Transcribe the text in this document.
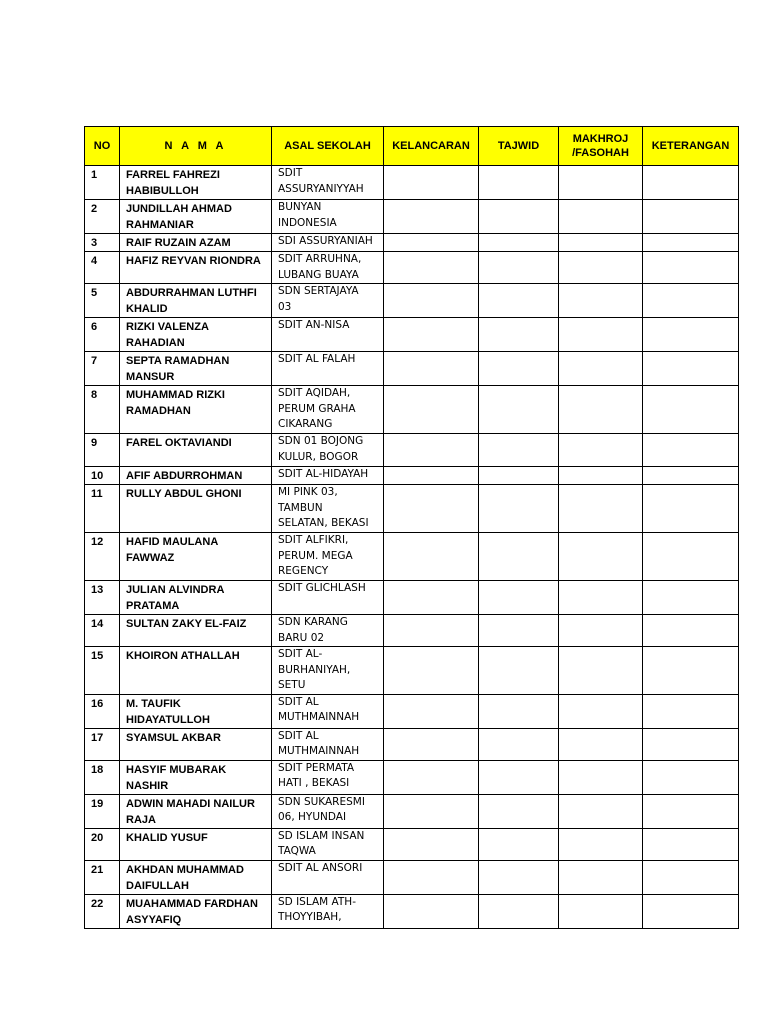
NO	N A M A	ASAL SEKOLAH	KELANCARAN	TAJWID	MAKHROJ
/FASOHAH	KETERANGAN
1	FARREL FAHREZI
HABIBULLOH	SDIT
ASSURYANIYYAH				
2	JUNDILLAH AHMAD
RAHMANIAR	BUNYAN
INDONESIA				
3	RAIF RUZAIN AZAM	SDI ASSURYANIAH				
4	HAFIZ REYVAN RIONDRA	SDIT ARRUHNA,
LUBANG BUAYA				
5	ABDURRAHMAN LUTHFI
KHALID	SDN SERTAJAYA
03				
6	RIZKI VALENZA
RAHADIAN	SDIT AN-NISA				
7	SEPTA RAMADHAN
MANSUR	SDIT AL FALAH				
8	MUHAMMAD RIZKI
RAMADHAN	SDIT AQIDAH,
PERUM GRAHA
CIKARANG				
9	FAREL OKTAVIANDI	SDN 01 BOJONG
KULUR, BOGOR				
10	AFIF ABDURROHMAN	SDIT AL-HIDAYAH				
11	RULLY ABDUL GHONI	MI PINK 03,
TAMBUN
SELATAN, BEKASI				
12	HAFID MAULANA
FAWWAZ	SDIT ALFIKRI,
PERUM. MEGA
REGENCY				
13	JULIAN ALVINDRA
PRATAMA	SDIT GLICHLASH				
14	SULTAN ZAKY EL-FAIZ	SDN KARANG
BARU 02				
15	KHOIRON ATHALLAH	SDIT AL-
BURHANIYAH,
SETU				
16	M. TAUFIK
HIDAYATULLOH	SDIT AL
MUTHMAINNAH				
17	SYAMSUL AKBAR	SDIT AL
MUTHMAINNAH				
18	HASYIF MUBARAK
NASHIR	SDIT PERMATA
HATI , BEKASI				
19	ADWIN MAHADI NAILUR
RAJA	SDN SUKARESMI
06, HYUNDAI				
20	KHALID YUSUF	SD ISLAM INSAN
TAQWA				
21	AKHDAN MUHAMMAD
DAIFULLAH	SDIT AL ANSORI				
22	MUAHAMMAD FARDHAN
ASYYAFIQ	SD ISLAM ATH-
THOYYIBAH,				
